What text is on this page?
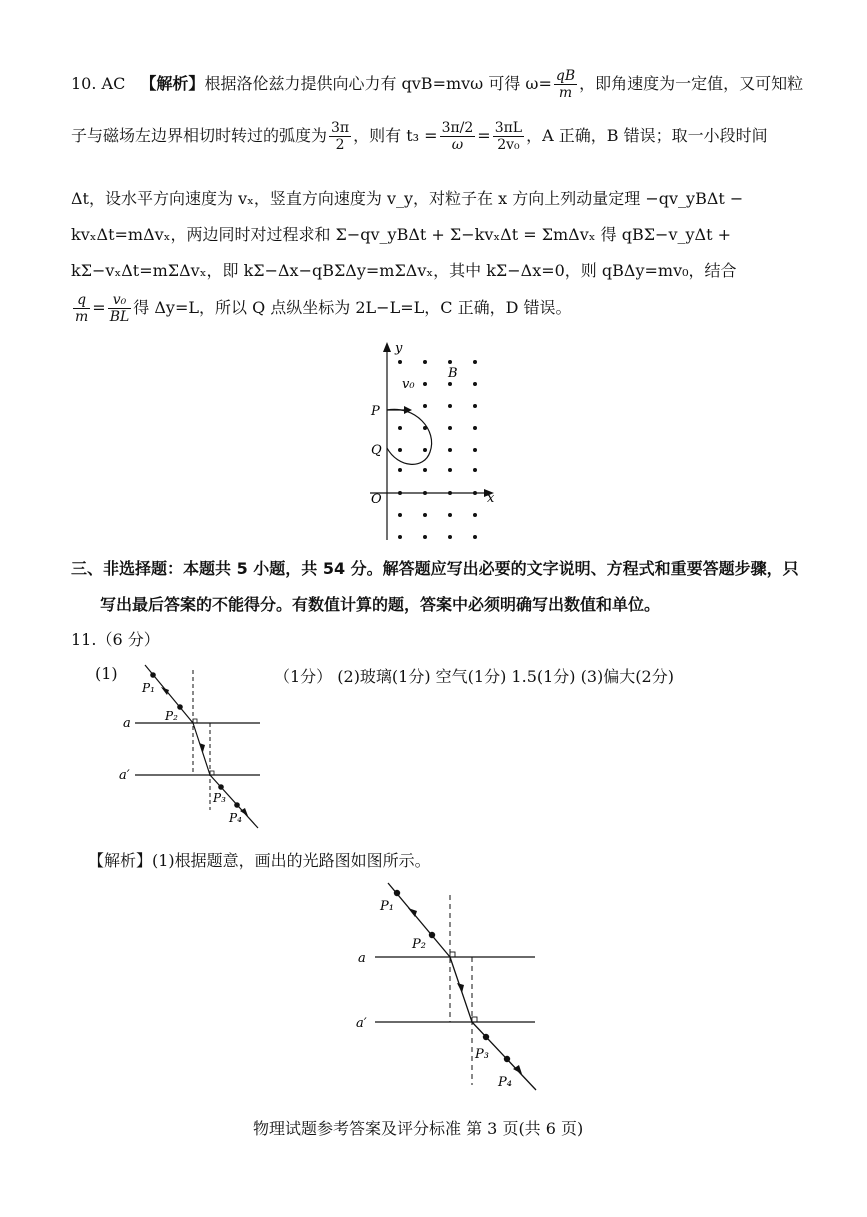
10. AC 【解析】根据洛伦兹力提供向心力有 qvB=mvω 可得 $\omega= \frac{qB}{m}$ ，即角速度为一定值，又可知粒
子与磁场左边界相切时转过的弧度为 $\frac{3\pi}{2}$ ，则有 $t_3 = \frac{3\pi/2}{\omega} = \frac{3\pi L}{\text{2v₀}}$ ，A 正确，B 错误；取一小段时间
Δt，设水平方向速度为 vₓ，竖直方向速度为 v_y，对粒子在 x 方向上列动量定理 −qv_yBΔt −
kvₓΔt=mΔvₓ，两边同时对过程求和 Σ−qv_yBΔt + Σ−kvₓΔt = ΣmΔvₓ 得 qBΣ−v_yΔt +
kΣ−vₓΔt=mΣΔvₓ，即 kΣ−Δx−qBΣΔy=mΣΔvₓ，其中 kΣ−Δx=0，则 qBΔy=mv₀，结合
$\frac{q}{m} = \frac{\text{v₀}}{BL}$ 得 Δy=L，所以 Q 点纵坐标为 2L−L=L，C 正确，D 错误。
y
x
O
P
Q
v₀
B
三、非选择题：本题共 5 小题，共 54 分。解答题应写出必要的文字说明、方程式和重要答题步骤，只
写出最后答案的不能得分。有数值计算的题，答案中必须明确写出数值和单位。
11.（6 分）
(1)	（1分） (2)玻璃(1分) 空气(1分) 1.5(1分) (3)偏大(2分)
a
a′
P₁
P₂
P₃
P₄
【解析】(1)根据题意，画出的光路图如图所示。
a
a′
P₁
P₂
P₃
P₄
物理试题参考答案及评分标准 第 3 页(共 6 页)
